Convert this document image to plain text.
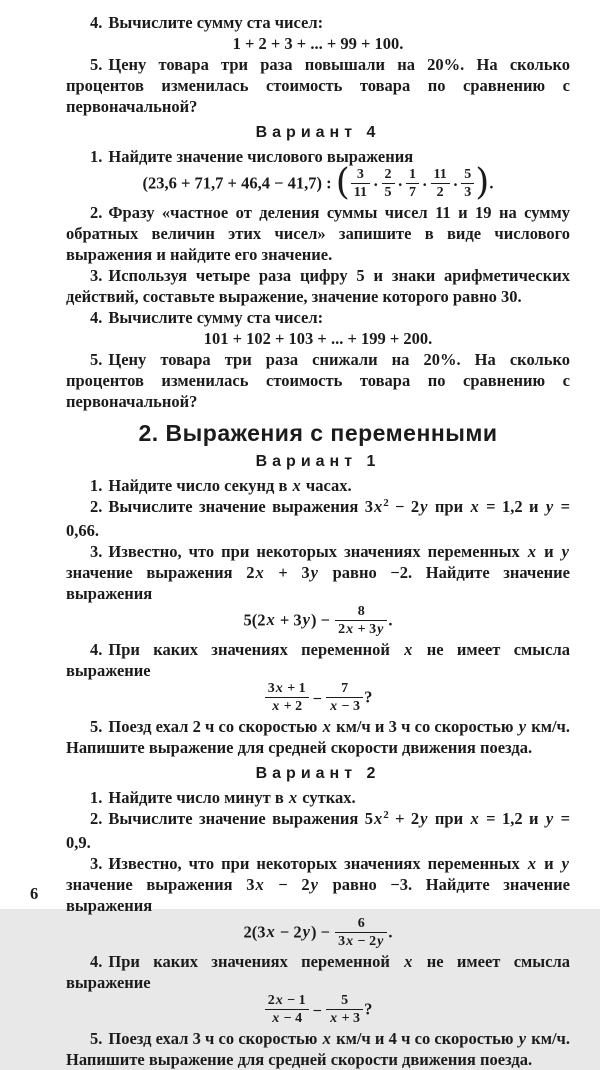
4. Вычислите сумму ста чисел:

1 + 2 + 3 + ... + 99 + 100.

5. Цену товара три раза повышали на 20%. На сколько процентов изменилась стоимость товара по сравнению с первоначальной?

Вариант 4

1. Найдите значение числового выражения

(23,6 + 71,7 + 46,4 − 41,7) : ( $\frac{3}{11} \cdot \frac{2}{5} \cdot \frac{1}{7} \cdot \frac{11}{2} \cdot \frac{5}{3}$ ).

2. Фразу «частное от деления суммы чисел 11 и 19 на сумму обратных величин этих чисел» запишите в виде числового выражения и найдите его значение.

3. Используя четыре раза цифру 5 и знаки арифметических действий, составьте выражение, значение которого равно 30.

4. Вычислите сумму ста чисел:

101 + 102 + 103 + ... + 199 + 200.

5. Цену товара три раза снижали на 20%. На сколько процентов изменилась стоимость товара по сравнению с первоначальной?

2. Выражения с переменными

Вариант 1

1. Найдите число секунд в x часах.

2. Вычислите значение выражения $3x^2 - 2y$ при x = 1,2 и y = 0,66.

3. Известно, что при некоторых значениях переменных x и y значение выражения 2x + 3y равно −2. Найдите значение выражения

$5(2x + 3y) - \frac{8}{2x + 3y}$ .

4. При каких значениях переменной x не имеет смысла выражение

$\frac{3x + 1}{x + 2} - \frac{7}{x - 3}$ ?

5. Поезд ехал 2 ч со скоростью x км/ч и 3 ч со скоростью y км/ч. Напишите выражение для средней скорости движения поезда.

Вариант 2

1. Найдите число минут в x сутках.

2. Вычислите значение выражения $5x^2 + 2y$ при x = 1,2 и y = 0,9.

3. Известно, что при некоторых значениях переменных x и y значение выражения 3x − 2y равно −3. Найдите значение выражения

$2(3x - 2y) - \frac{6}{3x - 2y}$ .

4. При каких значениях переменной x не имеет смысла выражение

$\frac{2x - 1}{x - 4} - \frac{5}{x + 3}$ ?

5. Поезд ехал 3 ч со скоростью x км/ч и 4 ч со скоростью y км/ч. Напишите выражение для средней скорости движения поезда.

6
